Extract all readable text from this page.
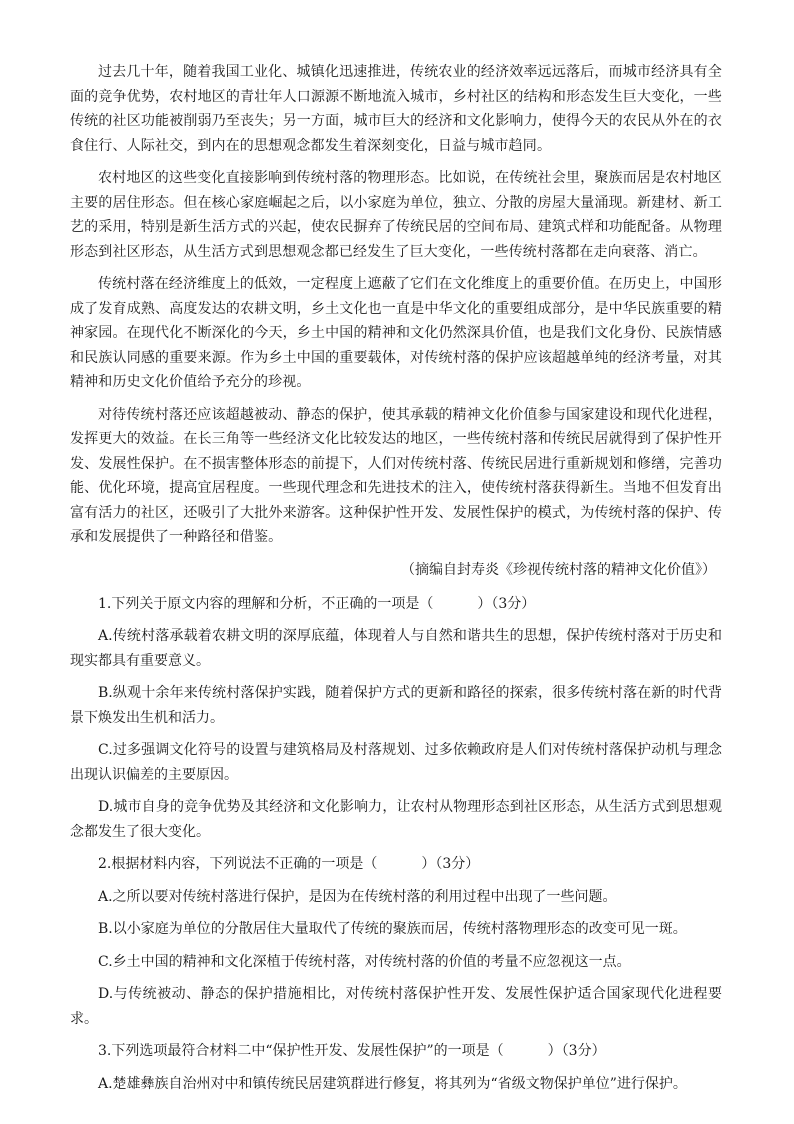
过去几十年，随着我国工业化、城镇化迅速推进，传统农业的经济效率远远落后，而城市经济具有全面的竞争优势，农村地区的青壮年人口源源不断地流入城市，乡村社区的结构和形态发生巨大变化，一些传统的社区功能被削弱乃至丧失；另一方面，城市巨大的经济和文化影响力，使得今天的农民从外在的衣食住行、人际社交，到内在的思想观念都发生着深刻变化，日益与城市趋同。

农村地区的这些变化直接影响到传统村落的物理形态。比如说，在传统社会里，聚族而居是农村地区主要的居住形态。但在核心家庭崛起之后，以小家庭为单位，独立、分散的房屋大量涌现。新建材、新工艺的采用，特别是新生活方式的兴起，使农民摒弃了传统民居的空间布局、建筑式样和功能配备。从物理形态到社区形态，从生活方式到思想观念都已经发生了巨大变化，一些传统村落都在走向衰落、消亡。

传统村落在经济维度上的低效，一定程度上遮蔽了它们在文化维度上的重要价值。在历史上，中国形成了发育成熟、高度发达的农耕文明，乡土文化也一直是中华文化的重要组成部分，是中华民族重要的精神家园。在现代化不断深化的今天，乡土中国的精神和文化仍然深具价值，也是我们文化身份、民族情感和民族认同感的重要来源。作为乡土中国的重要载体，对传统村落的保护应该超越单纯的经济考量，对其精神和历史文化价值给予充分的珍视。

对待传统村落还应该超越被动、静态的保护，使其承载的精神文化价值参与国家建设和现代化进程，发挥更大的效益。在长三角等一些经济文化比较发达的地区，一些传统村落和传统民居就得到了保护性开发、发展性保护。在不损害整体形态的前提下，人们对传统村落、传统民居进行重新规划和修缮，完善功能、优化环境，提高宜居程度。一些现代理念和先进技术的注入，使传统村落获得新生。当地不但发育出富有活力的社区，还吸引了大批外来游客。这种保护性开发、发展性保护的模式，为传统村落的保护、传承和发展提供了一种路径和借鉴。

（摘编自封寿炎《珍视传统村落的精神文化价值》）

1.下列关于原文内容的理解和分析，不正确的一项是（	）（3分）

A.传统村落承载着农耕文明的深厚底蕴，体现着人与自然和谐共生的思想，保护传统村落对于历史和现实都具有重要意义。

B.纵观十余年来传统村落保护实践，随着保护方式的更新和路径的探索，很多传统村落在新的时代背景下焕发出生机和活力。

C.过多强调文化符号的设置与建筑格局及村落规划、过多依赖政府是人们对传统村落保护动机与理念出现认识偏差的主要原因。

D.城市自身的竞争优势及其经济和文化影响力，让农村从物理形态到社区形态，从生活方式到思想观念都发生了很大变化。

2.根据材料内容，下列说法不正确的一项是（	）（3分）

A.之所以要对传统村落进行保护，是因为在传统村落的利用过程中出现了一些问题。

B.以小家庭为单位的分散居住大量取代了传统的聚族而居，传统村落物理形态的改变可见一斑。

C.乡土中国的精神和文化深植于传统村落，对传统村落的价值的考量不应忽视这一点。

D.与传统被动、静态的保护措施相比，对传统村落保护性开发、发展性保护适合国家现代化进程要求。

3.下列选项最符合材料二中“保护性开发、发展性保护”的一项是（	）（3分）

A.楚雄彝族自治州对中和镇传统民居建筑群进行修复，将其列为“省级文物保护单位”进行保护。
